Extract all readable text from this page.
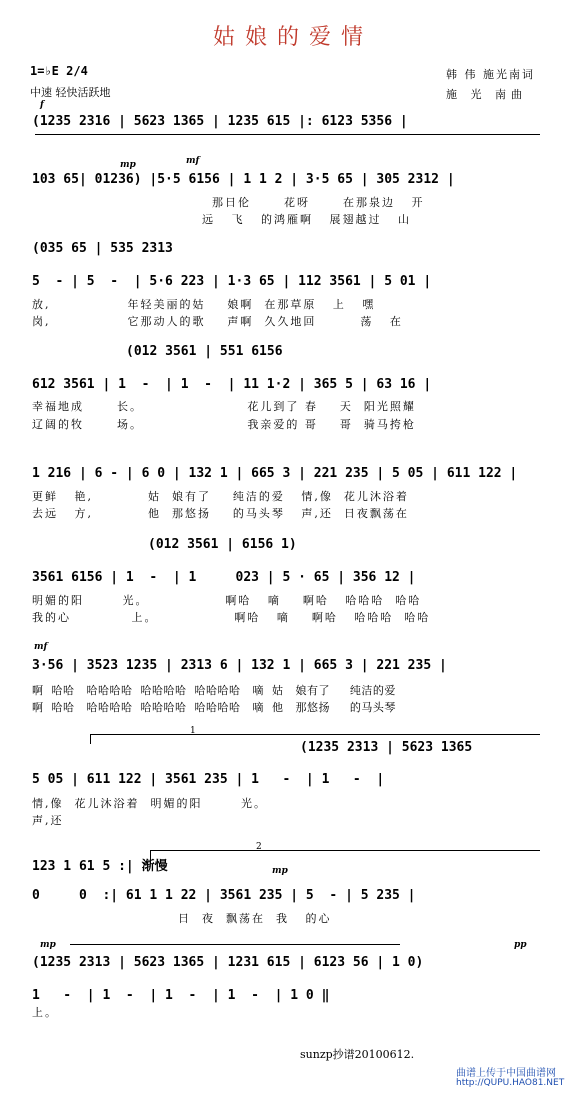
姑娘的爱情
1=♭E 2/4
中速 轻快活跃地
韩 伟 施光南词
施 光 南曲
f
(1235 2316 | 5623 1365 | 1235 615 |: 6123 5356 |
mp	mf
103 65| 01236) |5·5 6156 | 1 1 2 | 3·5 65 | 305 2312 |
那日伦      花呀      在那泉边   开
远   飞   的鸿雁啊   展翅越过   山
(035 65 | 535 2313
5  - | 5  -  | 5·6 223 | 1·3 65 | 112 3561 | 5 01 |
放,              年轻美丽的姑    娘啊  在那草原   上   嘿
岗,              它那动人的歌    声啊  久久地回        荡   在
(012 3561 | 551 6156
612 3561 | 1  -  | 1  -  | 11 1·2 | 365 5 | 63 16 |
幸福地成      长。                   花儿到了 春    天  阳光照耀
辽阔的牧      场。                   我亲爱的 哥    哥  骑马挎枪
1 216 | 6 - | 6 0 | 132 1 | 665 3 | 221 235 | 5 05 | 611 122 |
更鲜   艳,          姑  娘有了    纯洁的爱   情,像  花儿沐浴着
去远   方,          他  那悠扬    的马头琴   声,还  日夜飘荡在
(012 3561 | 6156 1)
3561 6156 | 1  -  | 1     023 | 5 · 65 | 356 12 |
明媚的阳       光。              啊哈   嘀    啊哈   哈哈哈  哈哈
我的心           上。              啊哈   嘀    啊哈   哈哈哈  哈哈
mf
3·56 | 3523 1235 | 2313 6 | 132 1 | 665 3 | 221 235 |
啊  哈哈   哈哈哈哈  哈哈哈哈  哈哈哈哈   嘀  姑   娘有了     纯洁的爱
啊  哈哈   哈哈哈哈  哈哈哈哈  哈哈哈哈   嘀  他   那悠扬     的马头琴
1
(1235 2313 | 5623 1365
5 05 | 611 122 | 3561 235 | 1   -  | 1   -  |
情,像  花儿沐浴着  明媚的阳       光。
声,还
2
123 1 61 5 :| 渐慢	mp
0     0  :| 61 1 1 22 | 3561 235 | 5  - | 5 235 |
日  夜  飘荡在  我   的心
mp	pp
(1235 2313 | 5623 1365 | 1231 615 | 6123 56 | 1 0)
1   -  | 1  -  | 1  -  | 1  -  | 1 0 ‖
上。
sunzp抄谱20100612.
曲谱上传于中国曲谱网
http://QUPU.HAO81.NET
